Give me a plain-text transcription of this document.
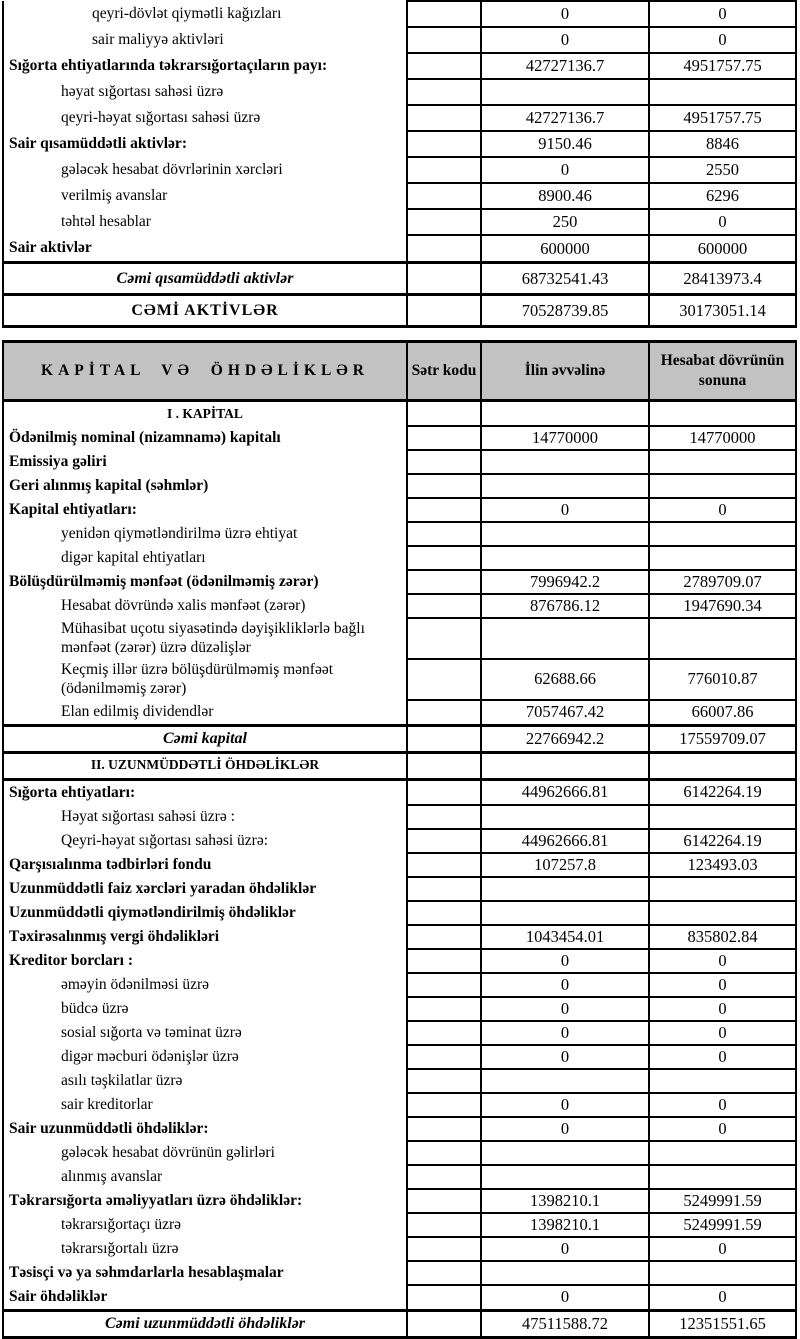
qeyri-dövlət qiymətli kağızları		0	0
sair maliyyə aktivləri		0	0
Sığorta ehtiyatlarında təkrarsığortaçıların payı:		42727136.7	4951757.75
həyat sığortası sahəsi üzrə			
qeyri-həyat sığortası sahəsi üzrə		42727136.7	4951757.75
Sair qısamüddətli aktivlər:		9150.46	8846
gələcək hesabat dövrlərinin xərcləri		0	2550
verilmiş avanslar		8900.46	6296
təhtəl hesablar		250	0
Sair aktivlər		600000	600000
Cəmi qısamüddətli aktivlər		68732541.43	28413973.4
CƏMİ AKTİVLƏR		70528739.85	30173051.14
KAPİTAL VƏ ÖHDƏLİKLƏR	Sətr kodu	İlin əvvəlinə	Hesabat dövrünün sonuna
I . KAPİTAL			
Ödənilmiş nominal (nizamnamə) kapitalı		14770000	14770000
Emissiya gəliri			
Geri alınmış kapital (səhmlər)			
Kapital ehtiyatları:		0	0
yenidən qiymətləndirilmə üzrə ehtiyat			
digər kapital ehtiyatları			
Bölüşdürülməmiş mənfəət (ödənilməmiş zərər)		7996942.2	2789709.07
Hesabat dövründə xalis mənfəət (zərər)		876786.12	1947690.34
Mühasibat uçotu siyasətində dəyişikliklərlə bağlı mənfəət (zərər) üzrə düzəlişlər			
Keçmiş illər üzrə bölüşdürülməmiş mənfəət (ödənilməmiş zərər)		62688.66	776010.87
Elan edilmiş dividendlər		7057467.42	66007.86
Cəmi kapital		22766942.2	17559709.07
II. UZUNMÜDDƏTLİ ÖHDƏLİKLƏR			
Sığorta ehtiyatları:		44962666.81	6142264.19
Həyat sığortası sahəsi üzrə :			
Qeyri-həyat sığortası sahəsi üzrə:		44962666.81	6142264.19
Qarşısıalınma tədbirləri fondu		107257.8	123493.03
Uzunmüddətli faiz xərcləri yaradan öhdəliklər			
Uzunmüddətli qiymətləndirilmiş öhdəliklər			
Təxirəsalınmış vergi öhdəlikləri		1043454.01	835802.84
Kreditor borcları :		0	0
əməyin ödənilməsi üzrə		0	0
büdcə üzrə		0	0
sosial sığorta və təminat üzrə		0	0
digər məcburi ödənişlər üzrə		0	0
asılı təşkilatlar üzrə			
sair kreditorlar		0	0
Sair uzunmüddətli öhdəliklər:		0	0
gələcək hesabat dövrünün gəlirləri			
alınmış avanslar			
Təkrarsığorta əməliyyatları üzrə öhdəliklər:		1398210.1	5249991.59
təkrarsığortaçı üzrə		1398210.1	5249991.59
təkrarsığortalı üzrə		0	0
Təsisçi və ya səhmdarlarla hesablaşmalar			
Sair öhdəliklər		0	0
Cəmi uzunmüddətli öhdəliklər		47511588.72	12351551.65
